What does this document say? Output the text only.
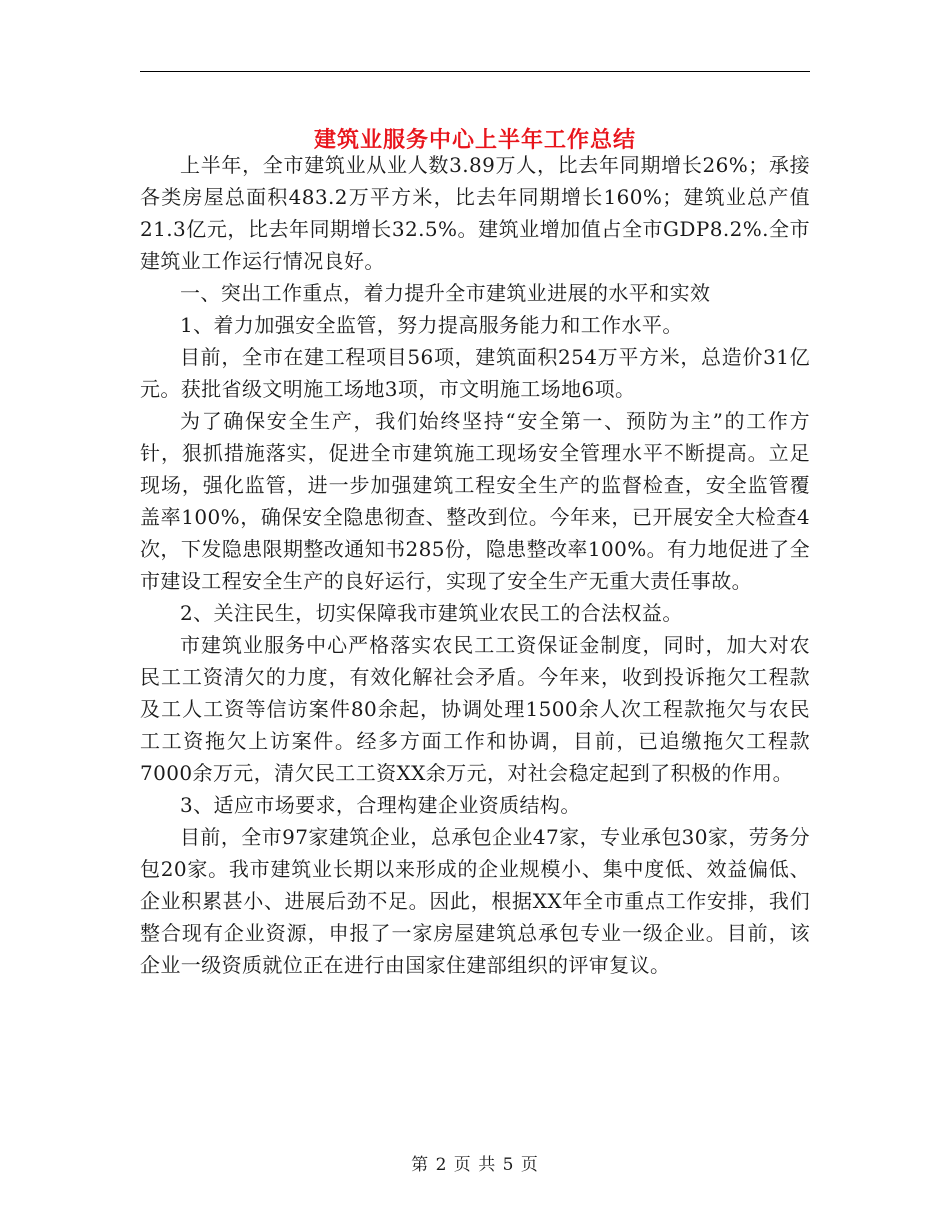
建筑业服务中心上半年工作总结

上半年，全市建筑业从业人数3.89万人，比去年同期增长26%；承接各类房屋总面积483.2万平方米，比去年同期增长160%；建筑业总产值21.3亿元，比去年同期增长32.5%。建筑业增加值占全市GDP8.2%.全市建筑业工作运行情况良好。

一、突出工作重点，着力提升全市建筑业进展的水平和实效

1、着力加强安全监管，努力提高服务能力和工作水平。

目前，全市在建工程项目56项，建筑面积254万平方米，总造价31亿元。获批省级文明施工场地3项，市文明施工场地6项。

为了确保安全生产，我们始终坚持“安全第一、预防为主”的工作方针，狠抓措施落实，促进全市建筑施工现场安全管理水平不断提高。立足现场，强化监管，进一步加强建筑工程安全生产的监督检查，安全监管覆盖率100%，确保安全隐患彻查、整改到位。今年来，已开展安全大检查4次，下发隐患限期整改通知书285份，隐患整改率100%。有力地促进了全市建设工程安全生产的良好运行，实现了安全生产无重大责任事故。

2、关注民生，切实保障我市建筑业农民工的合法权益。

市建筑业服务中心严格落实农民工工资保证金制度，同时，加大对农民工工资清欠的力度，有效化解社会矛盾。今年来，收到投诉拖欠工程款及工人工资等信访案件80余起，协调处理1500余人次工程款拖欠与农民工工资拖欠上访案件。经多方面工作和协调，目前，已追缴拖欠工程款7000余万元，清欠民工工资XX余万元，对社会稳定起到了积极的作用。

3、适应市场要求，合理构建企业资质结构。

目前，全市97家建筑企业，总承包企业47家，专业承包30家，劳务分包20家。我市建筑业长期以来形成的企业规模小、集中度低、效益偏低、企业积累甚小、进展后劲不足。因此，根据XX年全市重点工作安排，我们整合现有企业资源，申报了一家房屋建筑总承包专业一级企业。目前，该企业一级资质就位正在进行由国家住建部组织的评审复议。

第 2 页 共 5 页
